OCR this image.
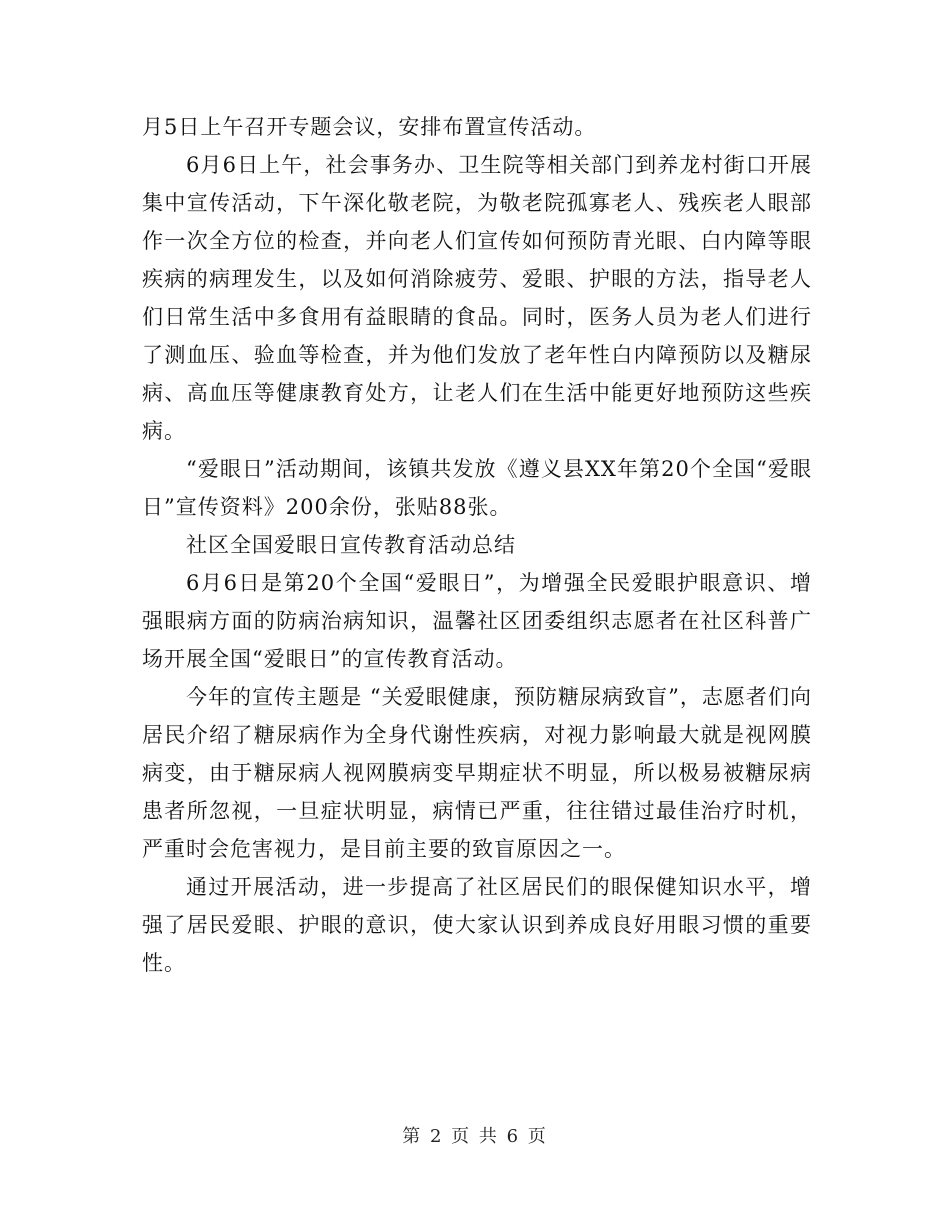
月5日上午召开专题会议，安排布置宣传活动。

6月6日上午，社会事务办、卫生院等相关部门到养龙村街口开展集中宣传活动，下午深化敬老院，为敬老院孤寡老人、残疾老人眼部作一次全方位的检查，并向老人们宣传如何预防青光眼、白内障等眼疾病的病理发生，以及如何消除疲劳、爱眼、护眼的方法，指导老人们日常生活中多食用有益眼睛的食品。同时，医务人员为老人们进行了测血压、验血等检查，并为他们发放了老年性白内障预防以及糖尿病、高血压等健康教育处方，让老人们在生活中能更好地预防这些疾病。

“爱眼日”活动期间，该镇共发放《遵义县XX年第20个全国“爱眼日”宣传资料》200余份，张贴88张。

社区全国爱眼日宣传教育活动总结

6月6日是第20个全国“爱眼日”，为增强全民爱眼护眼意识、增强眼病方面的防病治病知识，温馨社区团委组织志愿者在社区科普广场开展全国“爱眼日”的宣传教育活动。

今年的宣传主题是 “关爱眼健康，预防糖尿病致盲”，志愿者们向居民介绍了糖尿病作为全身代谢性疾病，对视力影响最大就是视网膜病变，由于糖尿病人视网膜病变早期症状不明显，所以极易被糖尿病患者所忽视，一旦症状明显，病情已严重，往往错过最佳治疗时机，严重时会危害视力，是目前主要的致盲原因之一。

通过开展活动，进一步提高了社区居民们的眼保健知识水平，增强了居民爱眼、护眼的意识，使大家认识到养成良好用眼习惯的重要性。

第 2 页 共 6 页
